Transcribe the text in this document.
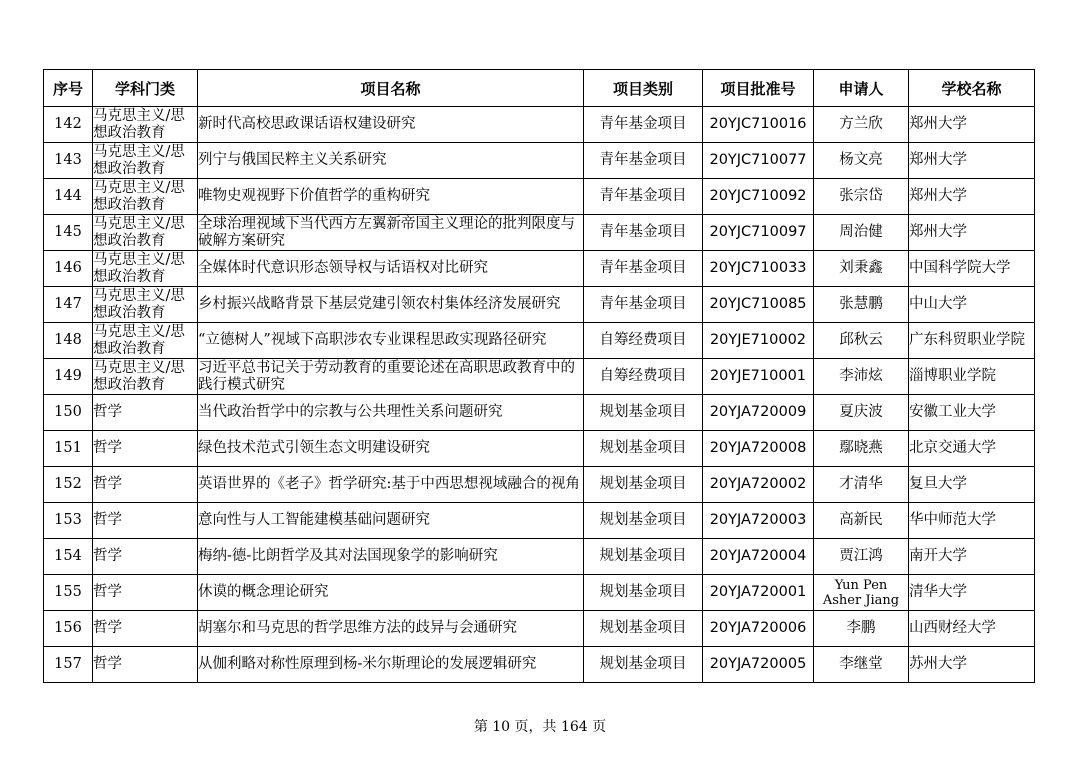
序号	学科门类	项目名称	项目类别	项目批准号	申请人	学校名称
142	马克思主义/思想政治教育	新时代高校思政课话语权建设研究	青年基金项目	20YJC710016	方兰欣	郑州大学
143	马克思主义/思想政治教育	列宁与俄国民粹主义关系研究	青年基金项目	20YJC710077	杨文亮	郑州大学
144	马克思主义/思想政治教育	唯物史观视野下价值哲学的重构研究	青年基金项目	20YJC710092	张宗岱	郑州大学
145	马克思主义/思想政治教育	全球治理视域下当代西方左翼新帝国主义理论的批判限度与破解方案研究	青年基金项目	20YJC710097	周治健	郑州大学
146	马克思主义/思想政治教育	全媒体时代意识形态领导权与话语权对比研究	青年基金项目	20YJC710033	刘秉鑫	中国科学院大学
147	马克思主义/思想政治教育	乡村振兴战略背景下基层党建引领农村集体经济发展研究	青年基金项目	20YJC710085	张慧鹏	中山大学
148	马克思主义/思想政治教育	“立德树人”视域下高职涉农专业课程思政实现路径研究	自筹经费项目	20YJE710002	邱秋云	广东科贸职业学院
149	马克思主义/思想政治教育	习近平总书记关于劳动教育的重要论述在高职思政教育中的践行模式研究	自筹经费项目	20YJE710001	李沛炫	淄博职业学院
150	哲学	当代政治哲学中的宗教与公共理性关系问题研究	规划基金项目	20YJA720009	夏庆波	安徽工业大学
151	哲学	绿色技术范式引领生态文明建设研究	规划基金项目	20YJA720008	鄢晓燕	北京交通大学
152	哲学	英语世界的《老子》哲学研究:基于中西思想视域融合的视角	规划基金项目	20YJA720002	才清华	复旦大学
153	哲学	意向性与人工智能建模基础问题研究	规划基金项目	20YJA720003	高新民	华中师范大学
154	哲学	梅纳-德-比朗哲学及其对法国现象学的影响研究	规划基金项目	20YJA720004	贾江鸿	南开大学
155	哲学	休谟的概念理论研究	规划基金项目	20YJA720001	Yun Pen Asher Jiang	清华大学
156	哲学	胡塞尔和马克思的哲学思维方法的歧异与会通研究	规划基金项目	20YJA720006	李鹏	山西财经大学
157	哲学	从伽利略对称性原理到杨-米尔斯理论的发展逻辑研究	规划基金项目	20YJA720005	李继堂	苏州大学
第 10 页，共 164 页
